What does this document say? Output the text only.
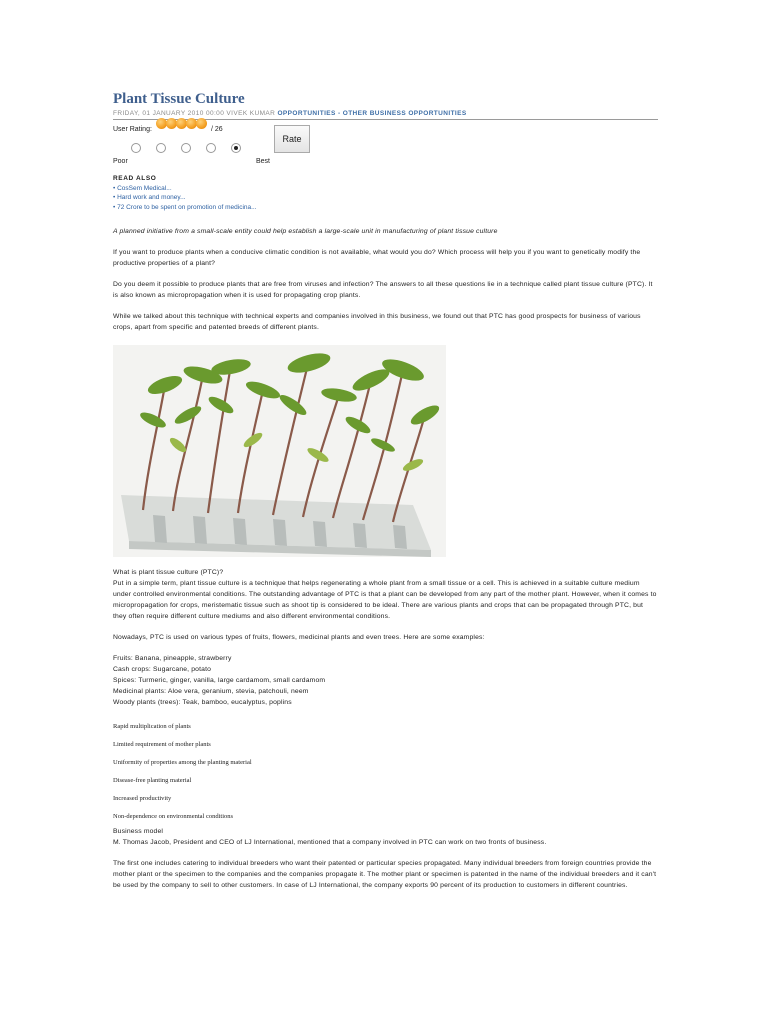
Plant Tissue Culture
FRIDAY, 01 JANUARY 2010 00:00 VIVEK KUMAR OPPORTUNITIES - OTHER BUSINESS OPPORTUNITIES
User Rating:	/ 26
Poor	Best
Rate
READ ALSO
• CosSem Medical...
• Hard work and money...
• 72 Crore to be spent on promotion of medicina...

A planned initiative from a small-scale entity could help establish a large-scale unit in manufacturing of plant tissue culture

If you want to produce plants when a conducive climatic condition is not available, what would you do? Which process will help you if you want to genetically modify the productive properties of a plant?

Do you deem it possible to produce plants that are free from viruses and infection? The answers to all these questions lie in a technique called plant tissue culture (PTC). It is also known as micropropagation when it is used for propagating crop plants.

While we talked about this technique with technical experts and companies involved in this business, we found out that PTC has good prospects for business of various crops, apart from specific and patented breeds of different plants.

What is plant tissue culture (PTC)?

Put in a simple term, plant tissue culture is a technique that helps regenerating a whole plant from a small tissue or a cell. This is achieved in a suitable culture medium under controlled environmental conditions. The outstanding advantage of PTC is that a plant can be developed from any part of the mother plant. However, when it comes to micropropagation for crops, meristematic tissue such as shoot tip is considered to be ideal. There are various plants and crops that can be propagated through PTC, but they often require different culture mediums and also different environmental conditions.

Nowadays, PTC is used on various types of fruits, flowers, medicinal plants and even trees. Here are some examples:

Fruits: Banana, pineapple, strawberry
Cash crops: Sugarcane, potato
Spices: Turmeric, ginger, vanilla, large cardamom, small cardamom
Medicinal plants: Aloe vera, geranium, stevia, patchouli, neem
Woody plants (trees): Teak, bamboo, eucalyptus, poplins
Rapid multiplication of plants
Limited requirement of mother plants
Uniformity of properties among the planting material
Disease-free planting material
Increased productivity
Non-dependence on environmental conditions

Business model

M. Thomas Jacob, President and CEO of LJ International, mentioned that a company involved in PTC can work on two fronts of business.

The first one includes catering to individual breeders who want their patented or particular species propagated. Many individual breeders from foreign countries provide the mother plant or the specimen to the companies and the companies propagate it. The mother plant or specimen is patented in the name of the individual breeders and it can't be used by the company to sell to other customers. In case of LJ International, the company exports 90 percent of its production to customers in different countries.
